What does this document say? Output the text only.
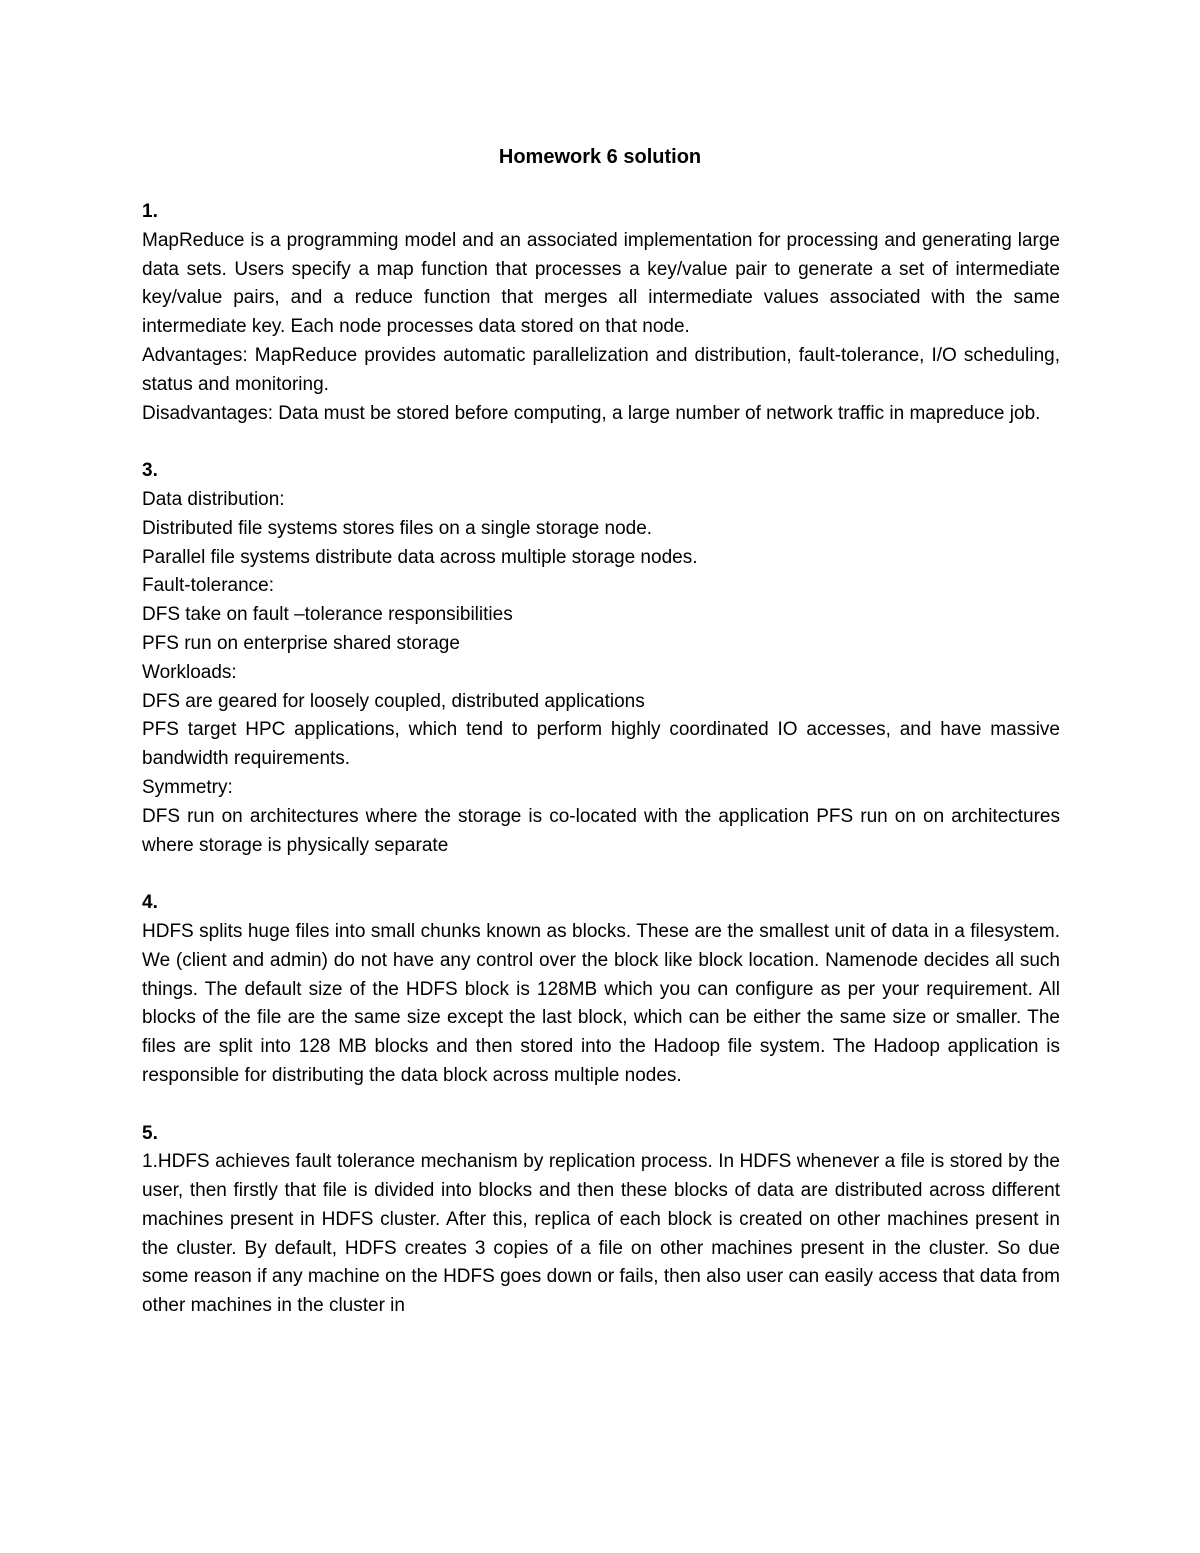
Homework 6 solution

1.

MapReduce is a programming model and an associated implementation for processing and generating large data sets. Users specify a map function that processes a key/value pair to generate a set of intermediate key/value pairs, and a reduce function that merges all intermediate values associated with the same intermediate key. Each node processes data stored on that node.

Advantages: MapReduce provides automatic parallelization and distribution, fault-tolerance, I/O scheduling, status and monitoring.

Disadvantages: Data must be stored before computing, a large number of network traffic in mapreduce job.

3.

Data distribution:

Distributed file systems stores files on a single storage node.

Parallel file systems distribute data across multiple storage nodes.

Fault-tolerance:

DFS take on fault –tolerance responsibilities

PFS run on enterprise shared storage

Workloads:

DFS are geared for loosely coupled, distributed applications

PFS target HPC applications, which tend to perform highly coordinated IO accesses, and have massive bandwidth requirements.

Symmetry:

DFS run on architectures where the storage is co-located with the application PFS run on on architectures where storage is physically separate

4.

HDFS splits huge files into small chunks known as blocks. These are the smallest unit of data in a filesystem. We (client and admin) do not have any control over the block like block location. Namenode decides all such things. The default size of the HDFS block is 128MB which you can configure as per your requirement. All blocks of the file are the same size except the last block, which can be either the same size or smaller. The files are split into 128 MB blocks and then stored into the Hadoop file system. The Hadoop application is responsible for distributing the data block across multiple nodes.

5.

1.HDFS achieves fault tolerance mechanism by replication process. In HDFS whenever a file is stored by the user, then firstly that file is divided into blocks and then these blocks of data are distributed across different machines present in HDFS cluster. After this, replica of each block is created on other machines present in the cluster. By default, HDFS creates 3 copies of a file on other machines present in the cluster. So due some reason if any machine on the HDFS goes down or fails, then also user can easily access that data from other machines in the cluster in
